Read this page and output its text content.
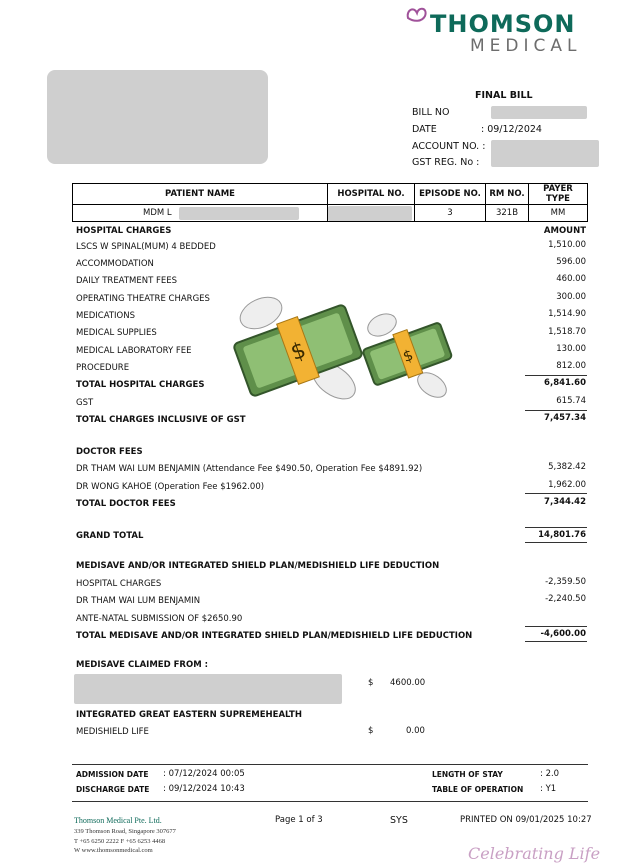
THOMSON
MEDICAL
FINAL BILL
BILL NO
DATE	: 09/12/2024
ACCOUNT NO. :
GST REG. No :
PATIENT NAME	HOSPITAL NO.	EPISODE NO.	RM NO.	PAYER TYPE
MDM L		3	321B	MM
HOSPITAL CHARGES	AMOUNT
LSCS W SPINAL(MUM) 4 BEDDED	1,510.00
ACCOMMODATION	596.00
DAILY TREATMENT FEES	460.00
OPERATING THEATRE CHARGES	300.00
MEDICATIONS	1,514.90
MEDICAL SUPPLIES	1,518.70
MEDICAL LABORATORY FEE	130.00
PROCEDURE	812.00
TOTAL HOSPITAL CHARGES	6,841.60
GST	615.74
TOTAL CHARGES INCLUSIVE OF GST	7,457.34
$	$
DOCTOR FEES
DR THAM WAI LUM BENJAMIN (Attendance Fee $490.50, Operation Fee $4891.92)	5,382.42
DR WONG KAHOE (Operation Fee $1962.00)	1,962.00
TOTAL DOCTOR FEES	7,344.42
GRAND TOTAL	14,801.76
MEDISAVE AND/OR INTEGRATED SHIELD PLAN/MEDISHIELD LIFE DEDUCTION
HOSPITAL CHARGES	-2,359.50
DR THAM WAI LUM BENJAMIN	-2,240.50
ANTE-NATAL SUBMISSION OF $2650.90
TOTAL MEDISAVE AND/OR INTEGRATED SHIELD PLAN/MEDISHIELD LIFE DEDUCTION	-4,600.00
MEDISAVE CLAIMED FROM :
$ 4600.00
INTEGRATED GREAT EASTERN SUPREMEHEALTH
MEDISHIELD LIFE	$	0.00
ADMISSION DATE : 07/12/2024 00:05
DISCHARGE DATE : 09/12/2024 10:43
LENGTH OF STAY	: 2.0
TABLE OF OPERATION : Y1
Thomson Medical Pte. Ltd.
339 Thomson Road, Singapore 307677
T +65 6250 2222 F +65 6253 4468
W www.thomsonmedical.com
Page 1 of 3	SYS	PRINTED ON 09/01/2025 10:27
Celebrating Life
